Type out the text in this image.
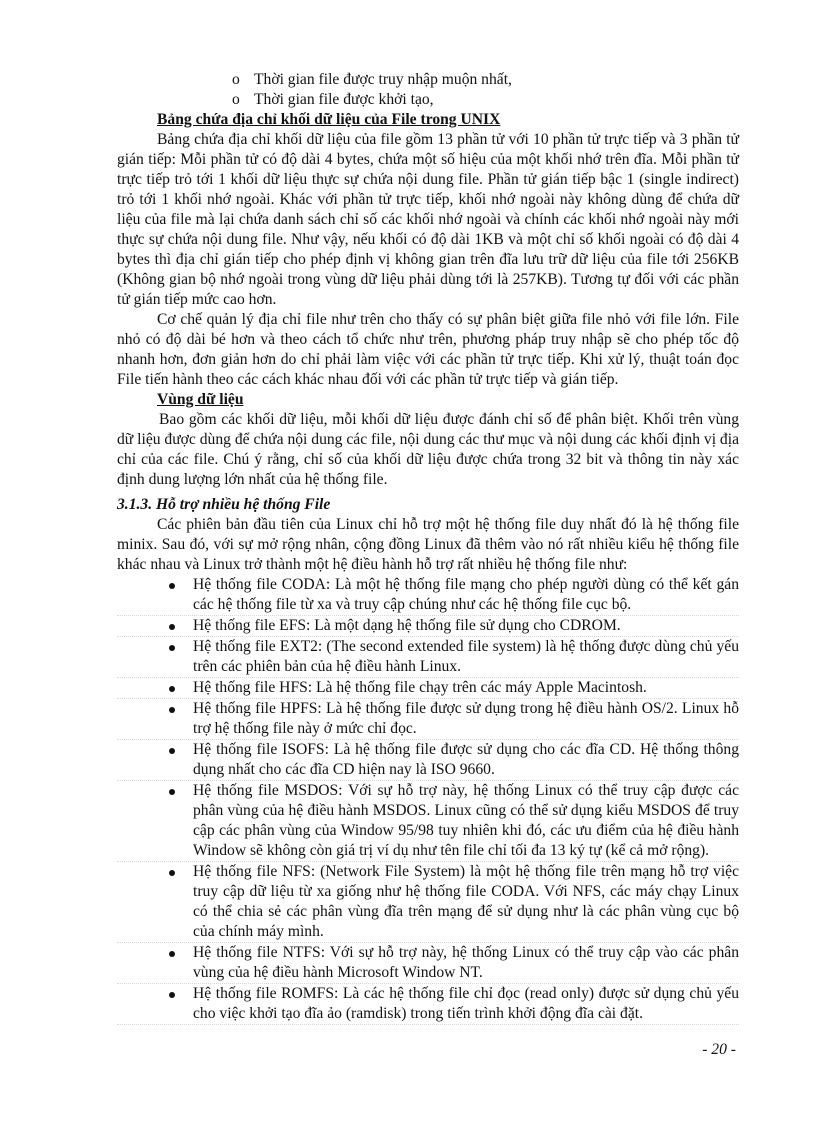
o Thời gian file được truy nhập muộn nhất,
o Thời gian file được khởi tạo,
Bảng chứa địa chỉ khối dữ liệu của File trong UNIX

Bảng chứa địa chỉ khối dữ liệu của file gồm 13 phần tử với 10 phần tử trực tiếp và 3 phần tử gián tiếp: Mỗi phần tử có độ dài 4 bytes, chứa một số hiệu của một khối nhớ trên đĩa. Mỗi phần tử trực tiếp trỏ tới 1 khối dữ liệu thực sự chứa nội dung file. Phần tử gián tiếp bậc 1 (single indirect) trỏ tới 1 khối nhớ ngoài. Khác với phần tử trực tiếp, khối nhớ ngoài này không dùng để chứa dữ liệu của file mà lại chứa danh sách chỉ số các khối nhớ ngoài và chính các khối nhớ ngoài này mới thực sự chứa nội dung file. Như vậy, nếu khối có độ dài 1KB và một chỉ số khối ngoài có độ dài 4 bytes thì địa chỉ gián tiếp cho phép định vị không gian trên đĩa lưu trữ dữ liệu của file tới 256KB (Không gian bộ nhớ ngoài trong vùng dữ liệu phải dùng tới là 257KB). Tương tự đối với các phần tử gián tiếp mức cao hơn.

Cơ chế quản lý địa chỉ file như trên cho thấy có sự phân biệt giữa file nhỏ với file lớn. File nhỏ có độ dài bé hơn và theo cách tổ chức như trên, phương pháp truy nhập sẽ cho phép tốc độ nhanh hơn, đơn giản hơn do chỉ phải làm việc với các phần tử trực tiếp. Khi xử lý, thuật toán đọc File tiến hành theo các cách khác nhau đối với các phần tử trực tiếp và gián tiếp.

Vùng dữ liệu

Bao gồm các khối dữ liệu, mỗi khối dữ liệu được đánh chỉ số để phân biệt. Khối trên vùng dữ liệu được dùng để chứa nội dung các file, nội dung các thư mục và nội dung các khối định vị địa chỉ của các file. Chú ý rằng, chỉ số của khối dữ liệu được chứa trong 32 bit và thông tin này xác định dung lượng lớn nhất của hệ thống file.

3.1.3. Hỗ trợ nhiều hệ thống File

Các phiên bản đầu tiên của Linux chỉ hỗ trợ một hệ thống file duy nhất đó là hệ thống file minix. Sau đó, với sự mở rộng nhân, cộng đồng Linux đã thêm vào nó rất nhiều kiểu hệ thống file khác nhau và Linux trở thành một hệ điều hành hỗ trợ rất nhiều hệ thống file như:

Hệ thống file CODA: Là một hệ thống file mạng cho phép người dùng có thể kết gán các hệ thống file từ xa và truy cập chúng như các hệ thống file cục bộ.
Hệ thống file EFS: Là một dạng hệ thống file sử dụng cho CDROM.
Hệ thống file EXT2: (The second extended file system) là hệ thống được dùng chủ yếu trên các phiên bản của hệ điều hành Linux.
Hệ thống file HFS: Là hệ thống file chạy trên các máy Apple Macintosh.
Hệ thống file HPFS: Là hệ thống file được sử dụng trong hệ điều hành OS/2. Linux hỗ trợ hệ thống file này ở mức chỉ đọc.
Hệ thống file ISOFS: Là hệ thống file được sử dụng cho các đĩa CD. Hệ thống thông dụng nhất cho các đĩa CD hiện nay là ISO 9660.
Hệ thống file MSDOS: Với sự hỗ trợ này, hệ thống Linux có thể truy cập được các phân vùng của hệ điều hành MSDOS. Linux cũng có thể sử dụng kiểu MSDOS để truy cập các phân vùng của Window 95/98 tuy nhiên khi đó, các ưu điểm của hệ điều hành Window sẽ không còn giá trị ví dụ như tên file chỉ tối đa 13 ký tự (kể cả mở rộng).
Hệ thống file NFS: (Network File System) là một hệ thống file trên mạng hỗ trợ việc truy cập dữ liệu từ xa giống như hệ thống file CODA. Với NFS, các máy chạy Linux có thể chia sẻ các phân vùng đĩa trên mạng để sử dụng như là các phân vùng cục bộ của chính máy mình.
Hệ thống file NTFS: Với sự hỗ trợ này, hệ thống Linux có thể truy cập vào các phân vùng của hệ điều hành Microsoft Window NT.
Hệ thống file ROMFS: Là các hệ thống file chỉ đọc (read only) được sử dụng chủ yếu cho việc khởi tạo đĩa ảo (ramdisk) trong tiến trình khởi động đĩa cài đặt.
- 20 -
